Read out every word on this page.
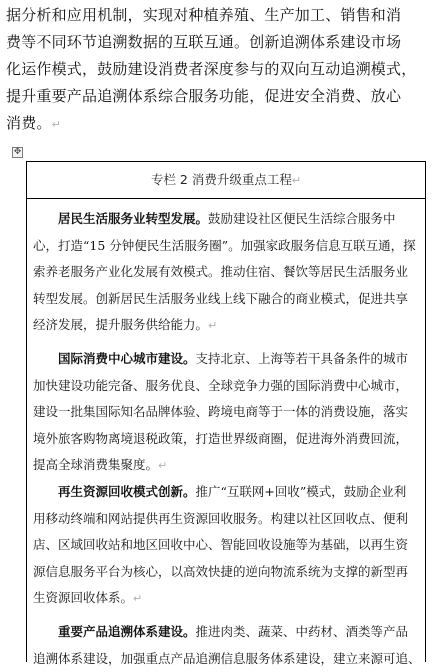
据分析和应用机制，实现对种植养殖、生产加工、销售和消
费等不同环节追溯数据的互联互通。创新追溯体系建设市场
化运作模式，鼓励建设消费者深度参与的双向互动追溯模式，
提升重要产品追溯体系综合服务功能，促进安全消费、放心
消费。↵
✥
专栏 2 消费升级重点工程↵
居民生活服务业转型发展。鼓励建设社区便民生活综合服务中
心，打造“15 分钟便民生活服务圈”。加强家政服务信息互联互通，探
索养老服务产业化发展有效模式。推动住宿、餐饮等居民生活服务业
转型发展。创新居民生活服务业线上线下融合的商业模式，促进共享
经济发展，提升服务供给能力。↵
国际消费中心城市建设。支持北京、上海等若干具备条件的城市
加快建设功能完备、服务优良、全球竞争力强的国际消费中心城市，
建设一批集国际知名品牌体验、跨境电商等于一体的消费设施，落实
境外旅客购物离境退税政策，打造世界级商圈，促进海外消费回流，
提高全球消费集聚度。↵
再生资源回收模式创新。推广“互联网+回收”模式，鼓励企业利
用移动终端和网站提供再生资源回收服务。构建以社区回收点、便利
店、区域回收站和地区回收中心、智能回收设施等为基础，以再生资
源信息服务平台为核心，以高效快捷的逆向物流系统为支撑的新型再
生资源回收体系。↵
重要产品追溯体系建设。推进肉类、蔬菜、中药材、酒类等产品
追溯体系建设，加强重点产品追溯信息服务体系建设，建立来源可追、
